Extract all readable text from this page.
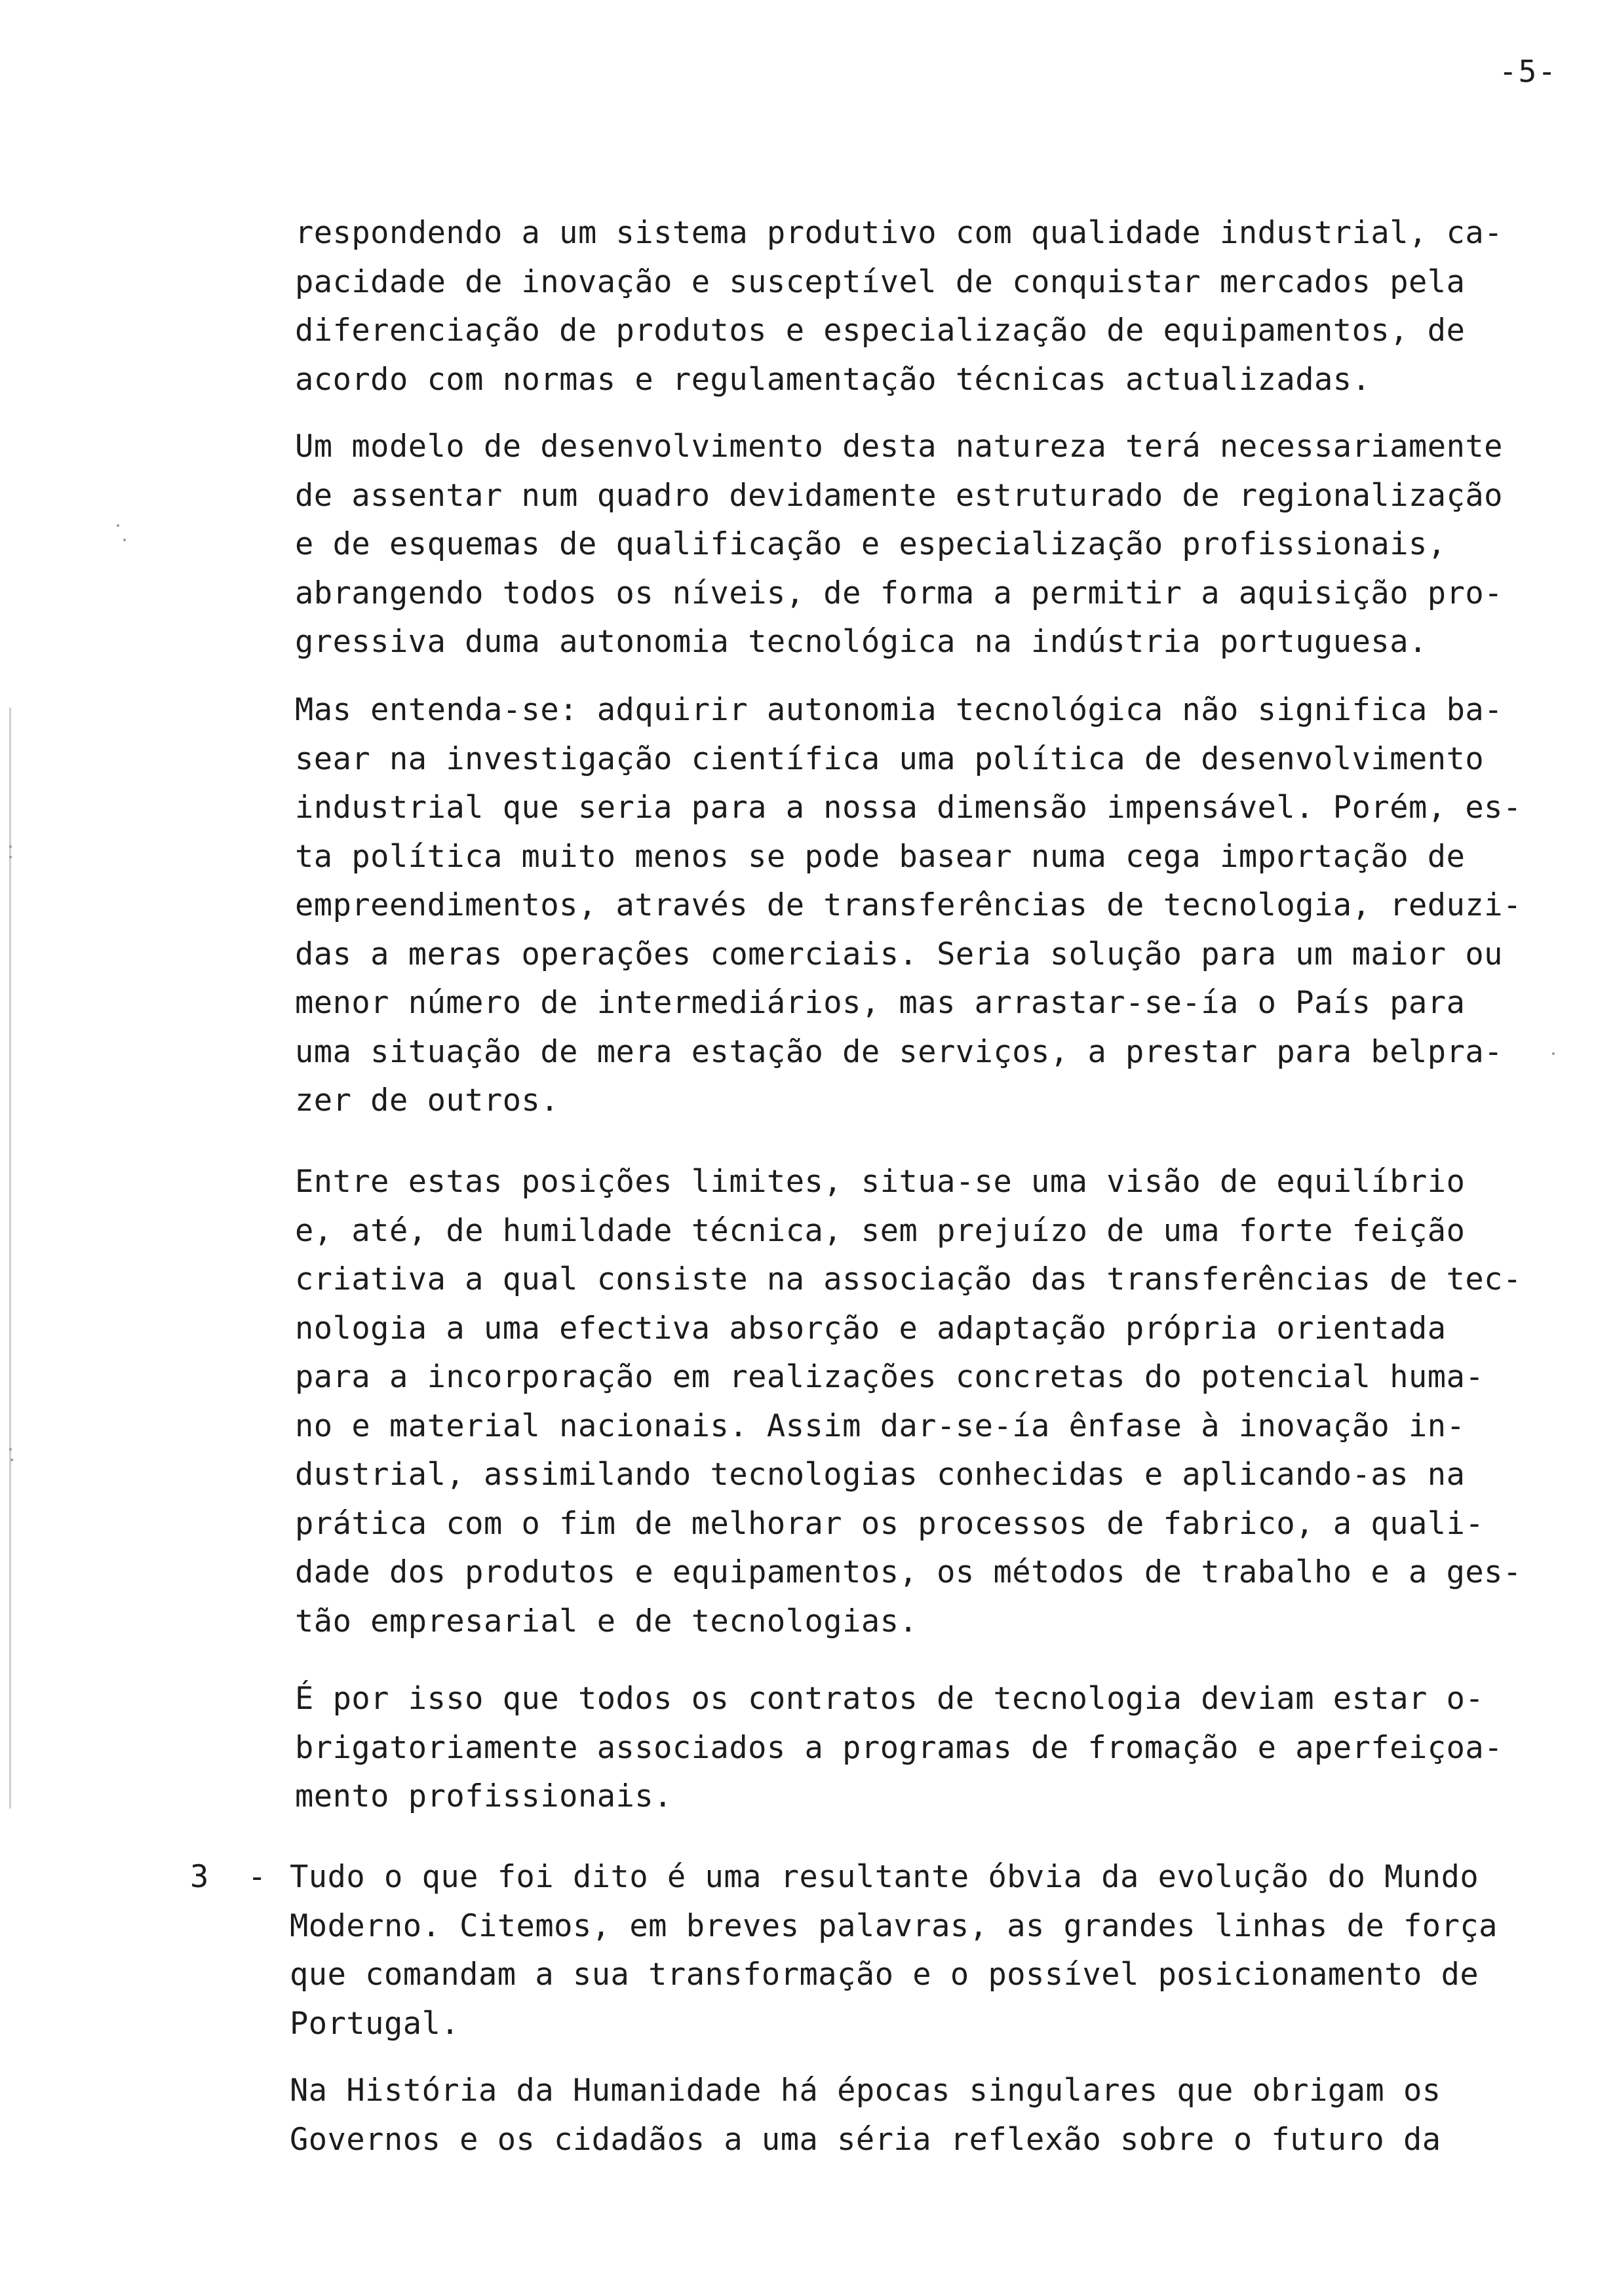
-5-

respondendo a um sistema produtivo com qualidade industrial, ca-
pacidade de inovação e susceptível de conquistar mercados pela
diferenciação de produtos e especialização de equipamentos, de
acordo com normas e regulamentação técnicas actualizadas.

Um modelo de desenvolvimento desta natureza terá necessariamente
de assentar num quadro devidamente estruturado de regionalização
e de esquemas de qualificação e especialização profissionais,
abrangendo todos os níveis, de forma a permitir a aquisição pro-
gressiva duma autonomia tecnológica na indústria portuguesa.

Mas entenda-se: adquirir autonomia tecnológica não significa ba-
sear na investigação científica uma política de desenvolvimento
industrial que seria para a nossa dimensão impensável. Porém, es-
ta política muito menos se pode basear numa cega importação de
empreendimentos, através de transferências de tecnologia, reduzi-
das a meras operações comerciais. Seria solução para um maior ou
menor número de intermediários, mas arrastar-se-ía o País para
uma situação de mera estação de serviços, a prestar para belpra-
zer de outros.

Entre estas posições limites, situa-se uma visão de equilíbrio
e, até, de humildade técnica, sem prejuízo de uma forte feição
criativa a qual consiste na associação das transferências de tec-
nologia a uma efectiva absorção e adaptação própria orientada
para a incorporação em realizações concretas do potencial huma-
no e material nacionais. Assim dar-se-ía ênfase à inovação in-
dustrial, assimilando tecnologias conhecidas e aplicando-as na
prática com o fim de melhorar os processos de fabrico, a quali-
dade dos produtos e equipamentos, os métodos de trabalho e a ges-
tão empresarial e de tecnologias.

É por isso que todos os contratos de tecnologia deviam estar o-
brigatoriamente associados a programas de fromação e aperfeiçoa-
mento profissionais.

3 - Tudo o que foi dito é uma resultante óbvia da evolução do Mundo
Moderno. Citemos, em breves palavras, as grandes linhas de força
que comandam a sua transformação e o possível posicionamento de
Portugal.

Na História da Humanidade há épocas singulares que obrigam os
Governos e os cidadãos a uma séria reflexão sobre o futuro da
